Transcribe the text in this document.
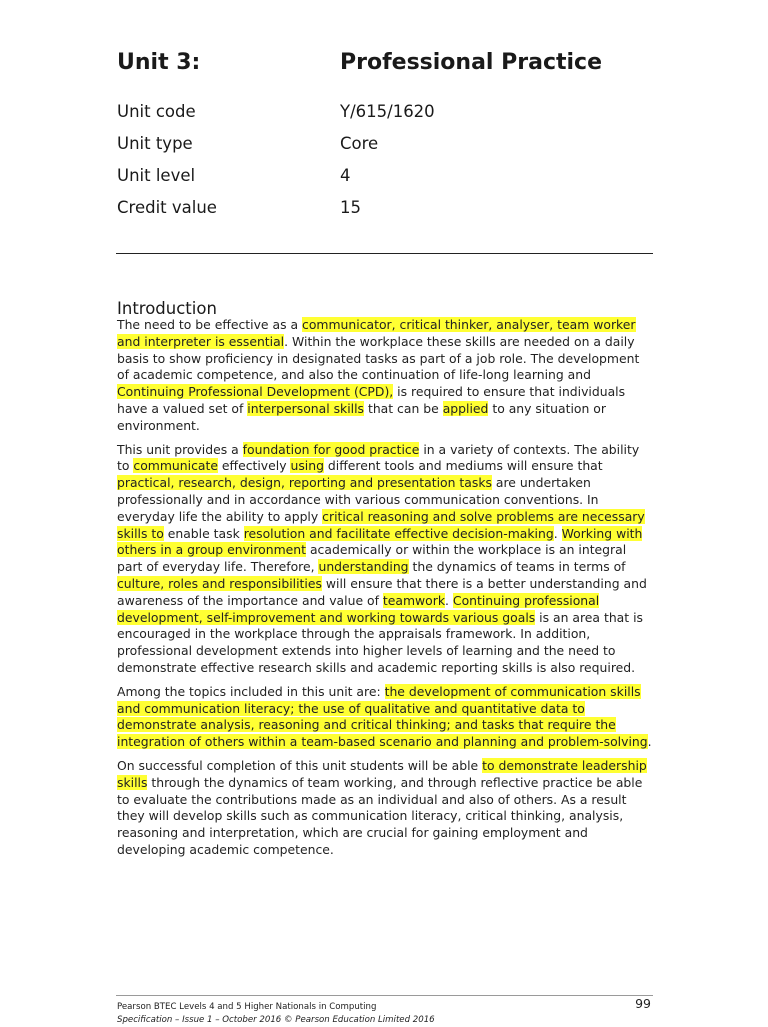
Unit 3:	Professional Practice
Unit code	Y/615/1620
Unit type	Core
Unit level	4
Credit value	15
Introduction

The need to be effective as a communicator, critical thinker, analyser, team worker and interpreter is essential. Within the workplace these skills are needed on a daily basis to show proficiency in designated tasks as part of a job role. The development of academic competence, and also the continuation of life-long learning and Continuing Professional Development (CPD), is required to ensure that individuals have a valued set of interpersonal skills that can be applied to any situation or environment.

This unit provides a foundation for good practice in a variety of contexts. The ability to communicate effectively using different tools and mediums will ensure that practical, research, design, reporting and presentation tasks are undertaken professionally and in accordance with various communication conventions. In everyday life the ability to apply critical reasoning and solve problems are necessary skills to enable task resolution and facilitate effective decision-making. Working with others in a group environment academically or within the workplace is an integral part of everyday life. Therefore, understanding the dynamics of teams in terms of culture, roles and responsibilities will ensure that there is a better understanding and awareness of the importance and value of teamwork. Continuing professional development, self-improvement and working towards various goals is an area that is encouraged in the workplace through the appraisals framework. In addition, professional development extends into higher levels of learning and the need to demonstrate effective research skills and academic reporting skills is also required.

Among the topics included in this unit are: the development of communication skills and communication literacy; the use of qualitative and quantitative data to demonstrate analysis, reasoning and critical thinking; and tasks that require the integration of others within a team-based scenario and planning and problem-solving.

On successful completion of this unit students will be able to demonstrate leadership skills through the dynamics of team working, and through reflective practice be able to evaluate the contributions made as an individual and also of others. As a result they will develop skills such as communication literacy, critical thinking, analysis, reasoning and interpretation, which are crucial for gaining employment and developing academic competence.

Pearson BTEC Levels 4 and 5 Higher Nationals in Computing
Specification – Issue 1 – October 2016 © Pearson Education Limited 2016
99
